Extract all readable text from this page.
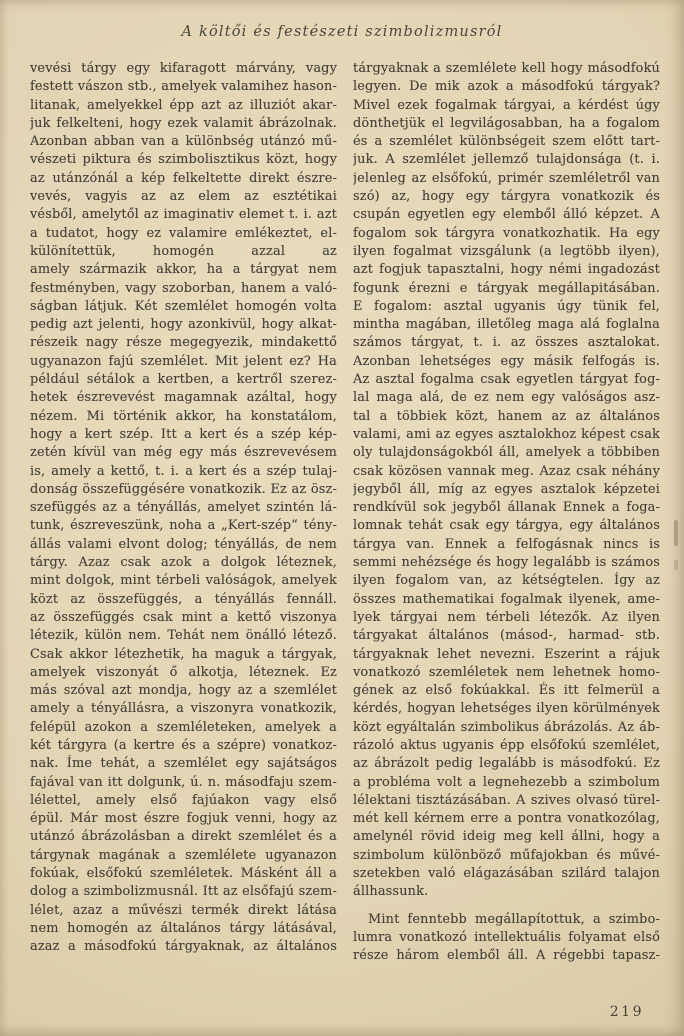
A költői és festészeti szimbolizmusról
vevési tárgy egy kifaragott márvány, vagy
festett vászon stb., amelyek valamihez hason-
litanak, amelyekkel épp azt az illuziót akar-
juk felkelteni, hogy ezek valamit ábrázolnak.
Azonban abban van a különbség utánzó mű-
vészeti piktura és szimbolisztikus közt, hogy
az utánzónál a kép felkeltette direkt észre-
vevés, vagyis az az elem az esztétikai
vésből, amelytől az imaginativ elemet t. i. azt
a tudatot, hogy ez valamire emlékeztet, el-
különítettük, homogén azzal az
amely származik akkor, ha a tárgyat nem
festményben, vagy szoborban, hanem a való-
ságban látjuk. Két szemlélet homogén volta
pedig azt jelenti, hogy azonkivül, hogy alkat-
részeik nagy része megegyezik, mindakettő
ugyanazon fajú szemlélet. Mit jelent ez? Ha
például sétálok a kertben, a kertről szerez-
hetek észrevevést magamnak azáltal, hogy
nézem. Mi történik akkor, ha konstatálom,
hogy a kert szép. Itt a kert és a szép kép-
zetén kívül van még egy más észrevevésem
is, amely a kettő, t. i. a kert és a szép tulaj-
donság összefüggésére vonatkozik. Ez az ösz-
szefüggés az a tényállás, amelyet szintén lá-
tunk, észreveszünk, noha a „Kert-szép“ tény-
állás valami elvont dolog; tényállás, de nem
tárgy. Azaz csak azok a dolgok léteznek,
mint dolgok, mint térbeli valóságok, amelyek
közt az összefüggés, a tényállás fennáll.
az összefüggés csak mint a kettő viszonya
létezik, külön nem. Tehát nem önálló létező.
Csak akkor létezhetik, ha maguk a tárgyak,
amelyek viszonyát ő alkotja, léteznek. Ez
más szóval azt mondja, hogy az a szemlélet
amely a tényállásra, a viszonyra vonatkozik,
felépül azokon a szemléleteken, amelyek a
két tárgyra (a kertre és a szépre) vonatkoz-
nak. Íme tehát, a szemlélet egy sajátságos
fajával van itt dolgunk, ú. n. másodfaju szem-
lélettel, amely első fajúakon vagy első
épül. Már most észre fogjuk venni, hogy az
utánzó ábrázolásban a direkt szemlélet és a
tárgynak magának a szemlélete ugyanazon
fokúak, elsőfokú szemléletek. Másként áll a
dolog a szimbolizmusnál. Itt az elsőfajú szem-
lélet, azaz a művészi termék direkt látása
nem homogén az általános tárgy látásával,
azaz a másodfokú tárgyaknak, az általános
tárgyaknak a szemlélete kell hogy másodfokú
legyen. De mik azok a másodfokú tárgyak?
Mivel ezek fogalmak tárgyai, a kérdést úgy
dönthetjük el legvilágosabban, ha a fogalom
és a szemlélet különbségeit szem előtt tart-
juk. A szemlélet jellemző tulajdonsága (t. i.
jelenleg az elsőfokú, primér szemléletről van
szó) az, hogy egy tárgyra vonatkozik és
csupán egyetlen egy elemből álló képzet. A
fogalom sok tárgyra vonatkozhatik. Ha egy
ilyen fogalmat vizsgálunk (a legtöbb ilyen),
azt fogjuk tapasztalni, hogy némi ingadozást
fogunk érezni e tárgyak megállapitásában.
E fogalom: asztal ugyanis úgy tünik fel,
mintha magában, illetőleg maga alá foglalna
számos tárgyat, t. i. az összes asztalokat.
Azonban lehetséges egy másik felfogás is.
Az asztal fogalma csak egyetlen tárgyat fog-
lal maga alá, de ez nem egy valóságos asz-
tal a többiek közt, hanem az az általános
valami, ami az egyes asztalokhoz képest csak
oly tulajdonságokból áll, amelyek a többiben
csak közösen vannak meg. Azaz csak néhány
jegyből áll, míg az egyes asztalok képzetei
rendkívül sok jegyből állanak Ennek a foga-
lomnak tehát csak egy tárgya, egy általános
tárgya van. Ennek a felfogásnak nincs is
semmi nehézsége és hogy legalább is számos
ilyen fogalom van, az kétségtelen. Így az
összes mathematikai fogalmak ilyenek, ame-
lyek tárgyai nem térbeli létezők. Az ilyen
tárgyakat általános (másod-, harmad- stb.
tárgyaknak lehet nevezni. Eszerint a rájuk
vonatkozó szemléletek nem lehetnek homo-
gének az első fokúakkal. És itt felmerül a
kérdés, hogyan lehetséges ilyen körülmények
közt egyáltalán szimbolikus ábrázolás. Az áb-
rázoló aktus ugyanis épp elsőfokú szemlélet,
az ábrázolt pedig legalább is másodfokú. Ez
a probléma volt a legnehezebb a szimbolum
lélektani tisztázásában. A szives olvasó türel-
mét kell kérnem erre a pontra vonatkozólag,
amelynél rövid ideig meg kell állni, hogy a
szimbolum különböző műfajokban és művé-
szetekben való elágazásában szilárd talajon
állhassunk.
Mint fenntebb megállapítottuk, a szimbo-
lumra vonatkozó intellektuális folyamat első
része három elemből áll. A régebbi tapasz-
219
